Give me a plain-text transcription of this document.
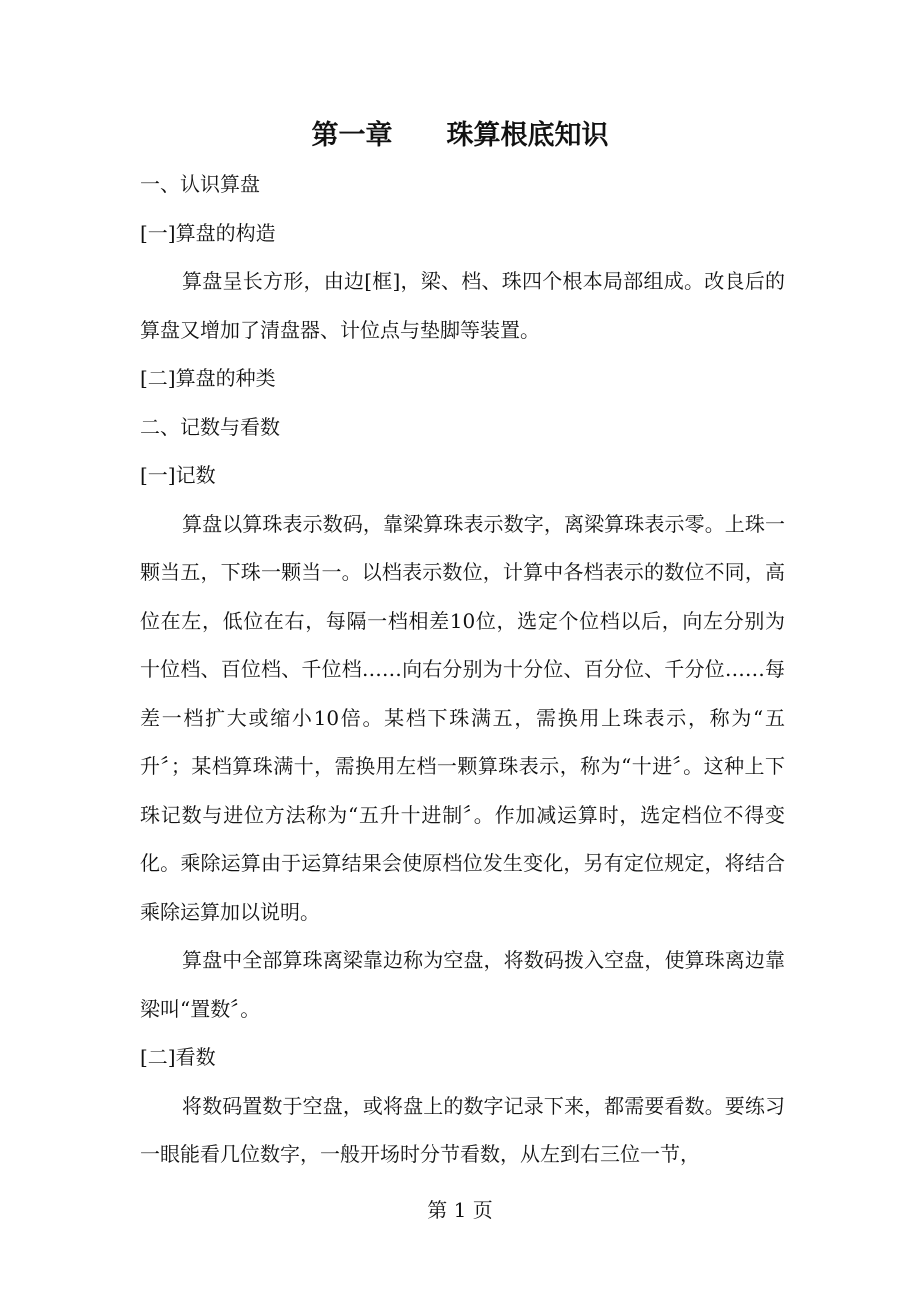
第一章　　珠算根底知识
一、认识算盘
[一]算盘的构造

算盘呈长方形，由边[框]，梁、档、珠四个根本局部组成。改良后的算盘又增加了清盘器、计位点与垫脚等装置。

[二]算盘的种类
二、记数与看数
[一]记数

算盘以算珠表示数码，靠梁算珠表示数字，离梁算珠表示零。上珠一颗当五，下珠一颗当一。以档表示数位，计算中各档表示的数位不同，高位在左，低位在右，每隔一档相差10位，选定个位档以后，向左分别为十位档、百位档、千位档……向右分别为十分位、百分位、千分位……每差一档扩大或缩小10倍。某档下珠满五，需换用上珠表示，称为“五升〞；某档算珠满十，需换用左档一颗算珠表示，称为“十进〞。这种上下珠记数与进位方法称为“五升十进制〞。作加减运算时，选定档位不得变化。乘除运算由于运算结果会使原档位发生变化，另有定位规定，将结合乘除运算加以说明。

算盘中全部算珠离梁靠边称为空盘，将数码拨入空盘，使算珠离边靠梁叫“置数〞。

[二]看数

将数码置数于空盘，或将盘上的数字记录下来，都需要看数。要练习一眼能看几位数字，一般开场时分节看数，从左到右三位一节，

第 1 页
